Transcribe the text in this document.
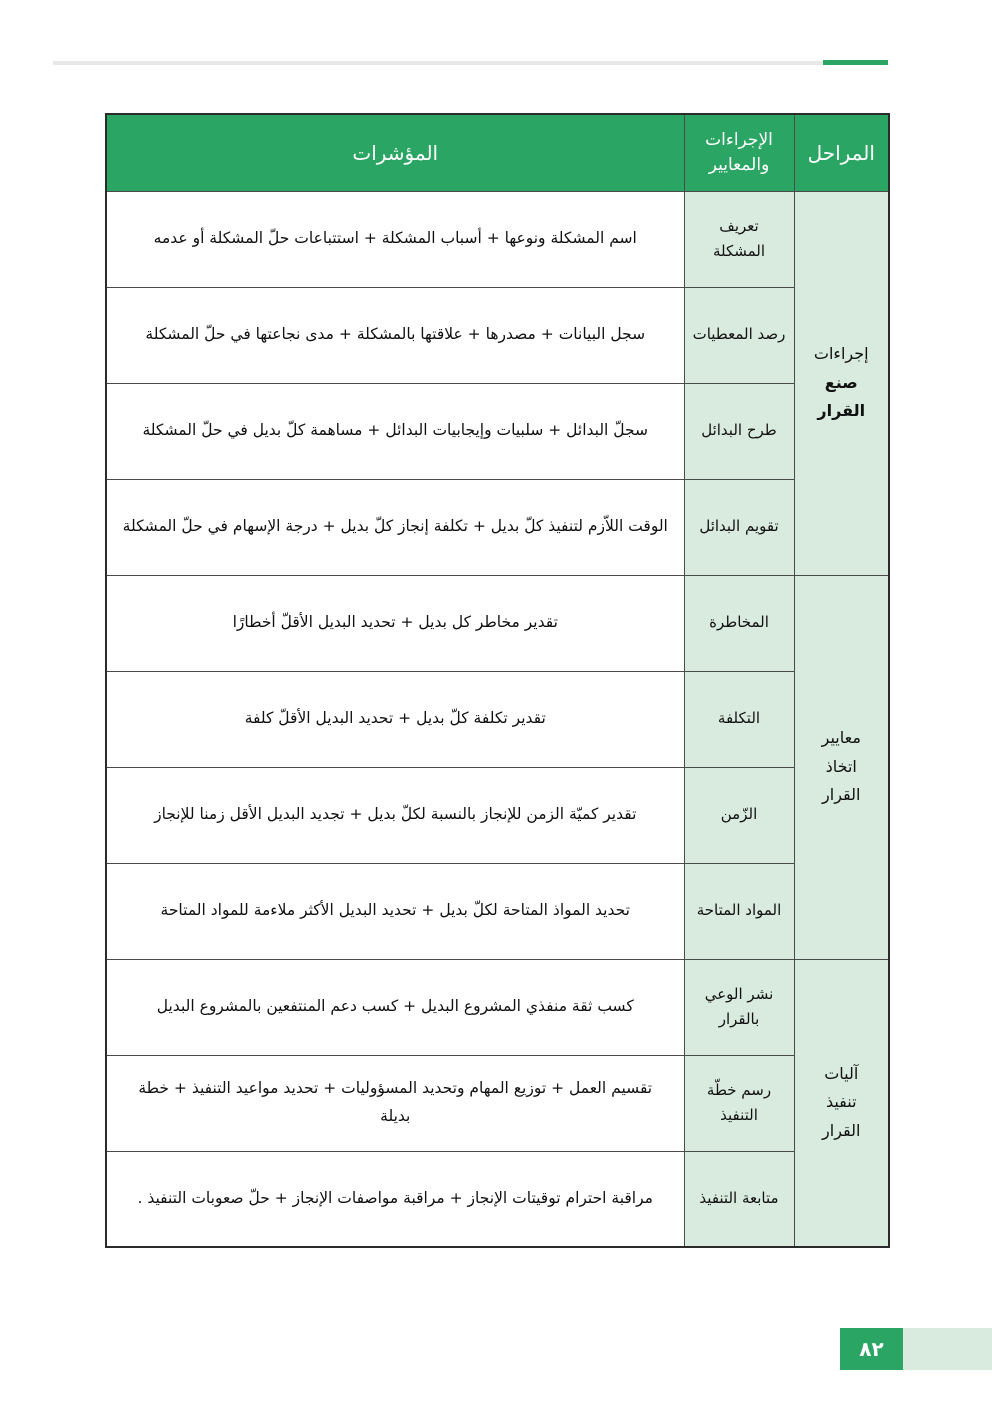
المراحل	الإجراءات والمعايير	المؤشرات

إجراءات
صنع
القرار	تعريف المشكلة	اسم المشكلة ونوعها + أسباب المشكلة + استتباعات حلّ المشكلة أو عدمه
	رصد المعطيات	سجل البيانات + مصدرها + علاقتها بالمشكلة + مدى نجاعتها في حلّ المشكلة
	طرح البدائل	سجلّ البدائل + سلبيات وإيجابيات البدائل + مساهمة كلّ بديل في حلّ المشكلة
	تقويم البدائل	الوقت اللاّزم لتنفيذ كلّ بديل + تكلفة إنجاز كلّ بديل + درجة الإسهام في حلّ المشكلة

معايير
اتخاذ
القرار	المخاطرة	تقدير مخاطر كل بديل + تحديد البديل الأقلّ أخطارًا
	التكلفة	تقدير تكلفة كلّ بديل + تحديد البديل الأقلّ كلفة
	الزّمن	تقدير كميّة الزمن للإنجاز بالنسبة لكلّ بديل + تجديد البديل الأقل زمنا للإنجاز
	المواد المتاحة	تحديد المواذ المتاحة لكلّ بديل + تحديد البديل الأكثر ملاءمة للمواد المتاحة

آليات
تنفيذ
القرار	نشر الوعي بالقرار	كسب ثقة منفذي المشروع البديل + كسب دعم المنتفعين بالمشروع البديل
	رسم خطّة التنفيذ	تقسيم العمل + توزيع المهام وتحديد المسؤوليات + تحديد مواعيد التنفيذ + خطة بديلة
	متابعة التنفيذ	مراقبة احترام توقيتات الإنجاز + مراقبة مواصفات الإنجاز + حلّ صعوبات التنفيذ .
٨٢
